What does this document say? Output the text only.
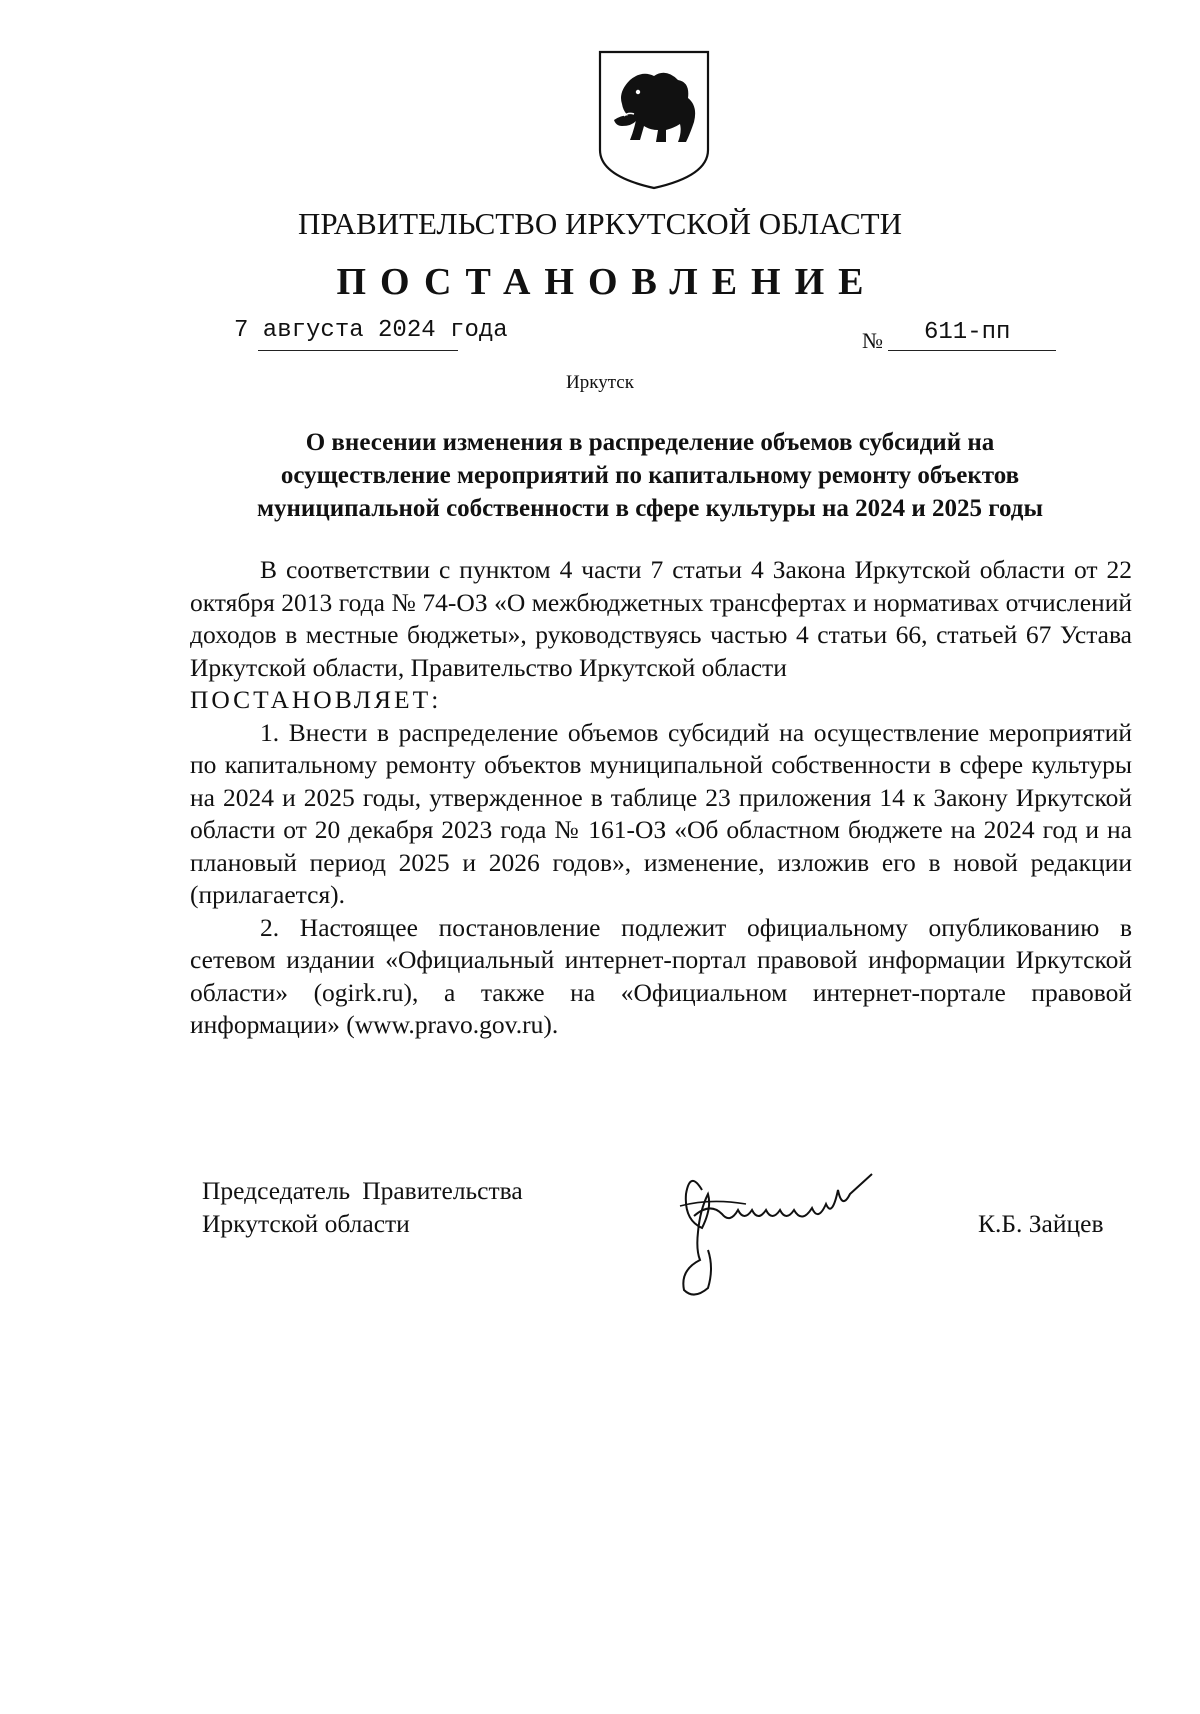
ПРАВИТЕЛЬСТВО ИРКУТСКОЙ ОБЛАСТИ
ПОСТАНОВЛЕНИЕ
7 августа 2024 года	№ 611-пп
Иркутск
О внесении изменения в распределение объемов субсидий на
осуществление мероприятий по капитальному ремонту объектов
муниципальной собственности в сфере культуры на 2024 и 2025 годы

В соответствии с пунктом 4 части 7 статьи 4 Закона Иркутской области от 22 октября 2013 года № 74-ОЗ «О межбюджетных трансфертах и нормативах отчислений доходов в местные бюджеты», руководствуясь частью 4 статьи 66, статьей 67 Устава Иркутской области, Правительство Иркутской области

ПОСТАНОВЛЯЕТ:

1. Внести в распределение объемов субсидий на осуществление мероприятий по капитальному ремонту объектов муниципальной собственности в сфере культуры на 2024 и 2025 годы, утвержденное в таблице 23 приложения 14 к Закону Иркутской области от 20 декабря 2023 года № 161-ОЗ «Об областном бюджете на 2024 год и на плановый период 2025 и 2026 годов», изменение, изложив его в новой редакции (прилагается).

2. Настоящее постановление подлежит официальному опубликованию в сетевом издании «Официальный интернет-портал правовой информации Иркутской области» (ogirk.ru), а также на «Официальном интернет-портале правовой информации» (www.pravo.gov.ru).

Председатель Правительства
Иркутской области	К.Б. Зайцев
